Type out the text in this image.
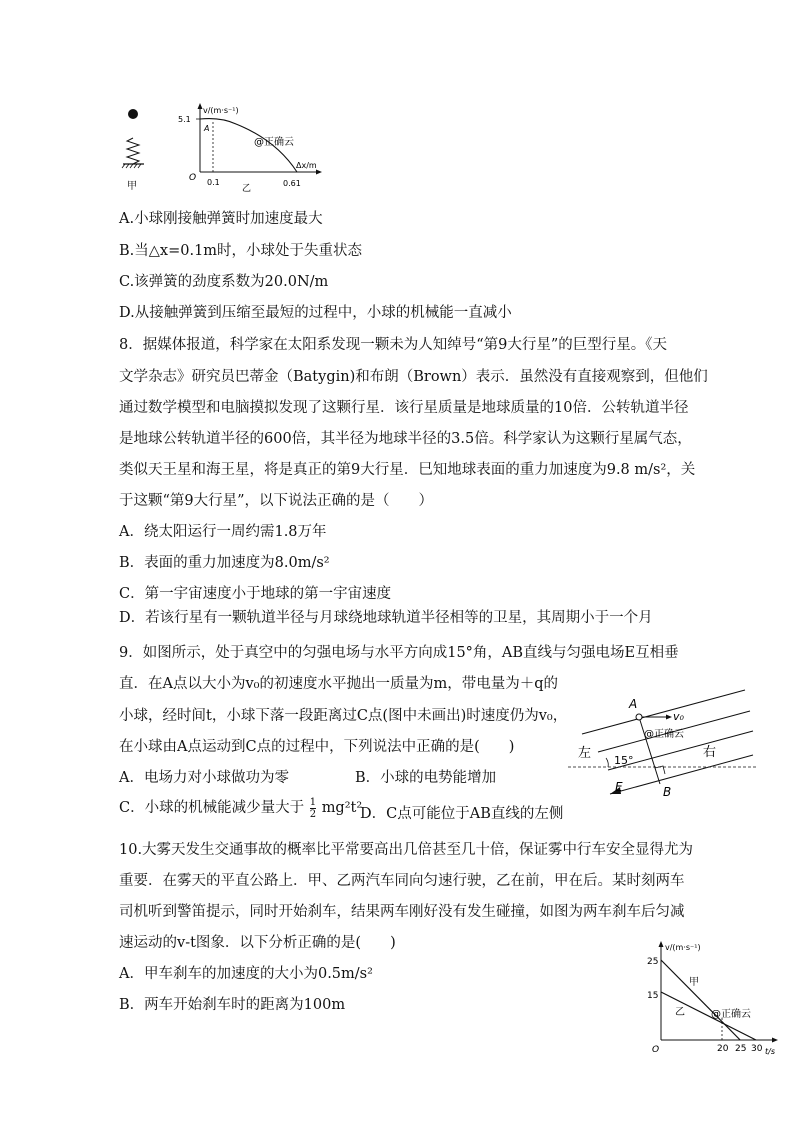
甲
v/(m·s⁻¹)
5.1
A
@正确云
O
Δx/m
0.1
乙
0.61
A.小球刚接触弹簧时加速度最大
B.当△x=0.1m时，小球处于失重状态
C.该弹簧的劲度系数为20.0N/m
D.从接触弹簧到压缩至最短的过程中，小球的机械能一直减小
8．据媒体报道，科学家在太阳系发现一颗未为人知绰号“第9大行星”的巨型行星。《天
文学杂志》研究员巴蒂金（Batygin)和布朗（Brown）表示．虽然没有直接观察到，但他们
通过数学模型和电脑摸拟发现了这颗行星．该行星质量是地球质量的10倍．公转轨道半径
是地球公转轨道半径的600倍，其半径为地球半径的3.5倍。科学家认为这颗行星属气态，
类似天王星和海王星，将是真正的第9大行星．巳知地球表面的重力加速度为9.8 m/s²，关
于这颗“第9大行星”，以下说法正确的是（　　）
A．绕太阳运行一周约需1.8万年
B．表面的重力加速度为8.0m/s²
C．第一宇宙速度小于地球的第一宇宙速度
D．若该行星有一颗轨道半径与月球绕地球轨道半径相等的卫星，其周期小于一个月
9．如图所示，处于真空中的匀强电场与水平方向成15°角，AB直线与匀强电场E互相垂
直．在A点以大小为v₀的初速度水平抛出一质量为m，带电量为＋q的
小球，经时间t，小球下落一段距离过C点(图中未画出)时速度仍为v₀，
在小球由A点运动到C点的过程中，下列说法中正确的是(　　)
A．电场力对小球做功为零	B．小球的电势能增加
C．小球的机械能减少量大于 $\frac{1}{2} mg^2t^2$
D．C点可能位于AB直线的左侧
A
v₀
@正确云
左 15°
右
E	B
10.大雾天发生交通事故的概率比平常要高出几倍甚至几十倍，保证雾中行车安全显得尤为
重要．在雾天的平直公路上．甲、乙两汽车同向匀速行驶，乙在前，甲在后。某时刻两车
司机听到警笛提示，同时开始刹车，结果两车刚好没有发生碰撞，如图为两车刹车后匀减
速运动的v-t图象．以下分析正确的是(　　)
A．甲车刹车的加速度的大小为0.5m/s²
B．两车开始刹车时的距离为100m
v/(m·s⁻¹)
t/s
O
25
15
20 25 30
甲
乙	@正确云
